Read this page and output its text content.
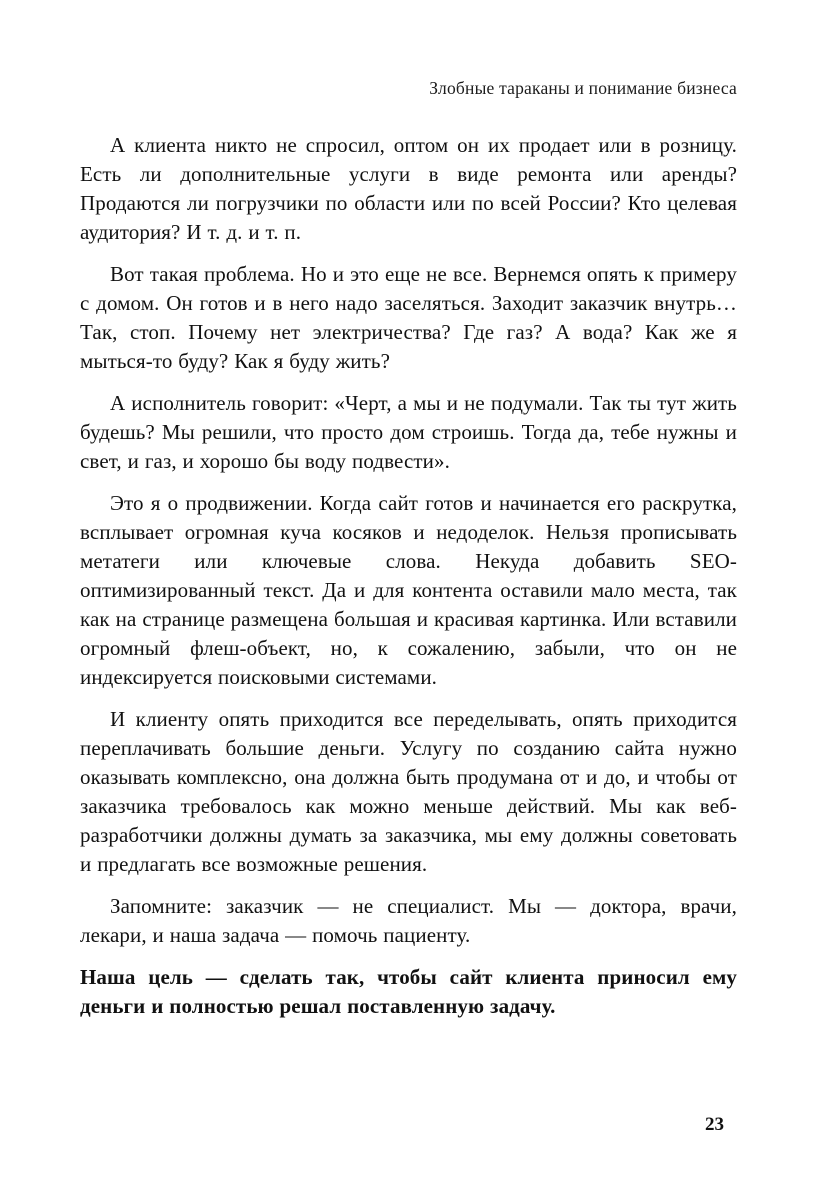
Злобные тараканы и понимание бизнеса

А клиента никто не спросил, оптом он их продает или в розницу. Есть ли дополнительные услуги в виде ремонта или аренды? Продаются ли погрузчики по области или по всей России? Кто целевая аудитория? И т. д. и т. п.

Вот такая проблема. Но и это еще не все. Вернемся опять к примеру с домом. Он готов и в него надо заселяться. Заходит заказчик внутрь… Так, стоп. Почему нет электричества? Где газ? А вода? Как же я мыться-то буду? Как я буду жить?

А исполнитель говорит: «Черт, а мы и не подумали. Так ты тут жить будешь? Мы решили, что просто дом строишь. Тогда да, тебе нужны и свет, и газ, и хорошо бы воду подвести».

Это я о продвижении. Когда сайт готов и начинается его раскрутка, всплывает огромная куча косяков и недоделок. Нельзя прописывать метатеги или ключевые слова. Некуда добавить SEO-оптимизированный текст. Да и для контента оставили мало места, так как на странице размещена большая и красивая картинка. Или вставили огромный флеш-объект, но, к сожалению, забыли, что он не индексируется поисковыми системами.

И клиенту опять приходится все переделывать, опять приходится переплачивать большие деньги. Услугу по созданию сайта нужно оказывать комплексно, она должна быть продумана от и до, и чтобы от заказчика требовалось как можно меньше действий. Мы как веб-разработчики должны думать за заказчика, мы ему должны советовать и предлагать все возможные решения.

Запомните: заказчик — не специалист. Мы — доктора, врачи, лекари, и наша задача — помочь пациенту.

Наша цель — сделать так, чтобы сайт клиента приносил ему деньги и полностью решал поставленную задачу.

23
